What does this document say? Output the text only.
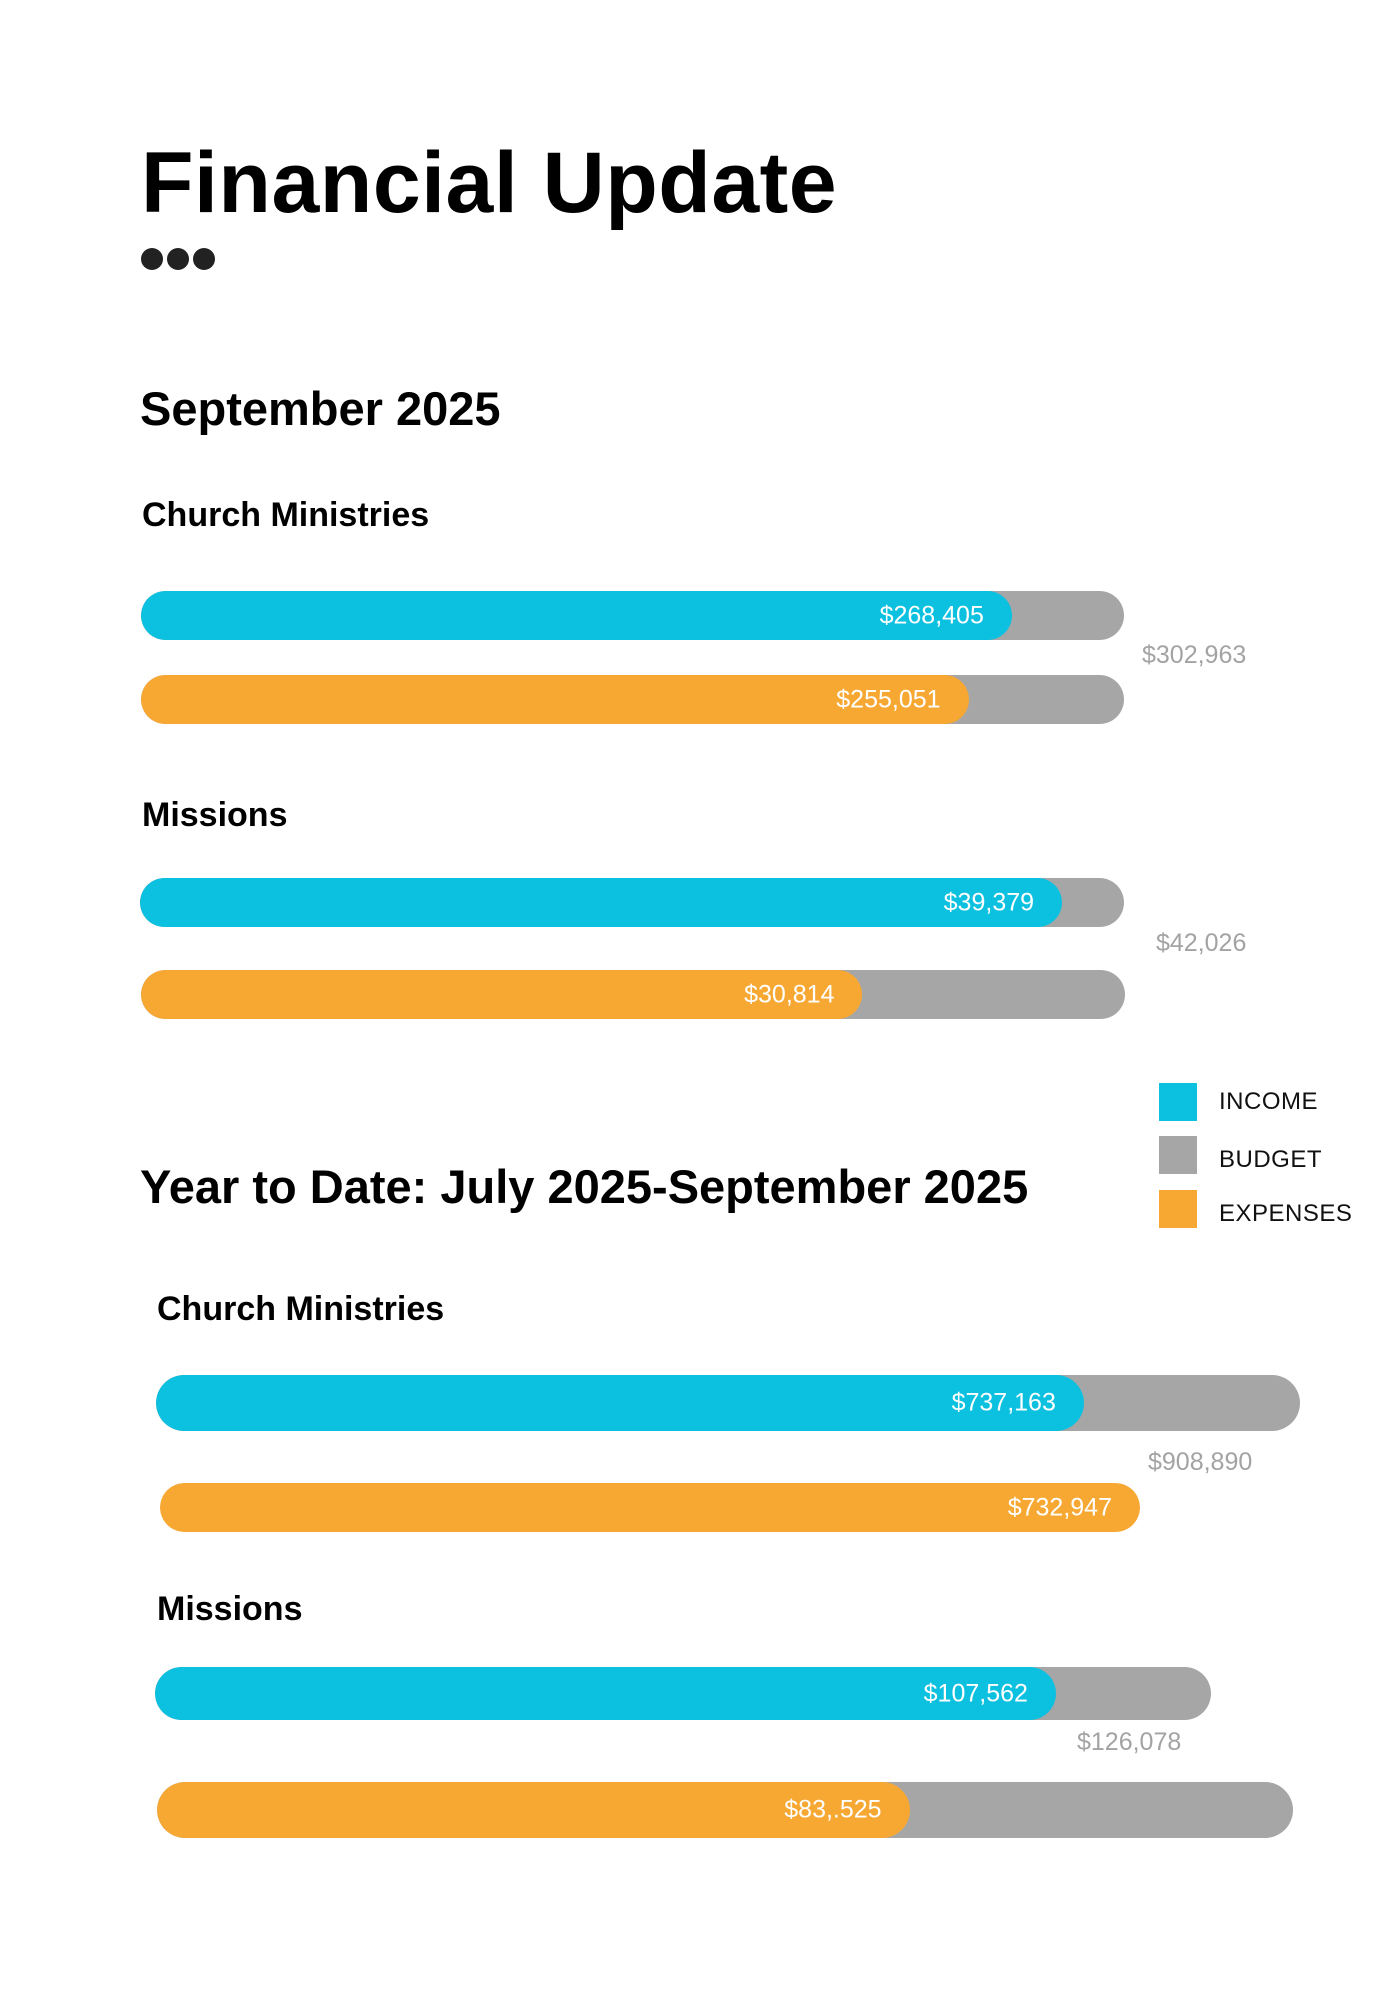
Financial Update
September 2025
Church Ministries
Missions
Year to Date: July 2025-September 2025
Church Ministries
Missions
$268,405
$255,051
$302,963
$39,379
$30,814
$42,026
$737,163
$732,947
$908,890
$107,562
$83,.525
$126,078
INCOME
BUDGET
EXPENSES
